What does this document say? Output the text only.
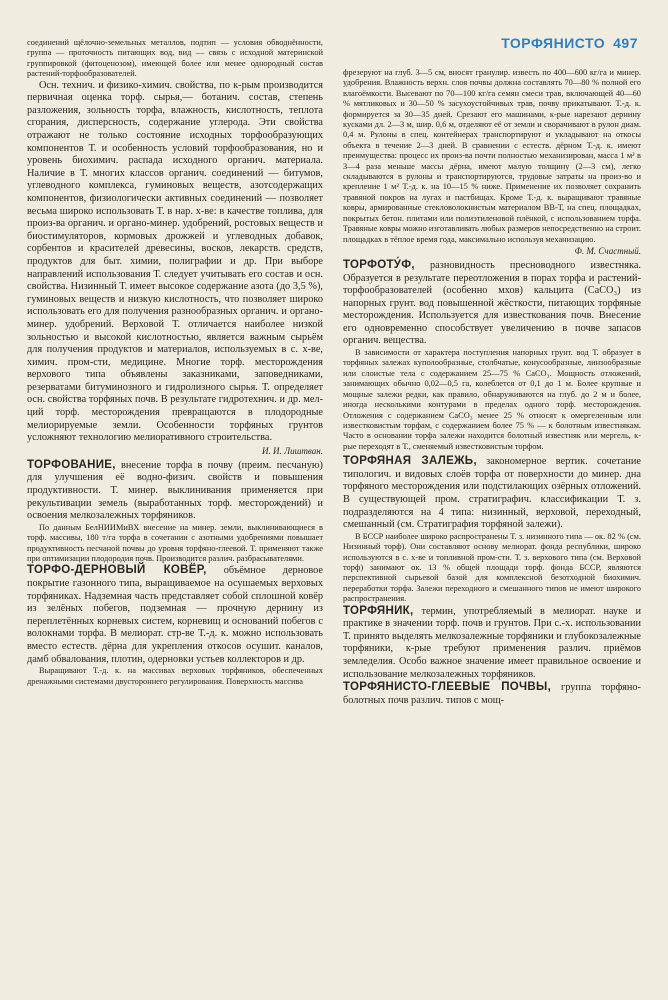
ТОРФЯНИСТО 497

соединений щёлочно-земельных металлов, подтип — условия обводнённости, группа — проточность питающих вод, вид — связь с исходной материнской группировкой (фитоценозом), имеющей более или менее однородный состав растений-торфообразователей.

Осн. технич. и физико-химич. свойства, по к-рым производится первичная оценка торф. сырья,— ботанич. состав, степень разложения, зольность торфа, влажность, кислотность, теплота сгорания, дисперсность, содержание углерода. Эти свойства отражают не только состояние исходных торфообразующих компонентов Т. и особенность условий торфообразования, но и уровень биохимич. распада исходного органич. материала. Наличие в Т. многих классов органич. соединений — битумов, углеводного комплекса, гуминовых веществ, азотсодержащих компонентов, физиологически активных соединений — позволяет весьма широко использовать Т. в нар. х-ве: в качестве топлива, для произ-ва органич. и органо-минер. удобрений, ростовых веществ и биостимуляторов, кормовых дрожжей и углеводных добавок, сорбентов и красителей древесины, восков, лекарств. средств, продуктов для быт. химии, полиграфии и др. При выборе направлений использования Т. следует учитывать его состав и осн. свойства. Низинный Т. имеет высокое содержание азота (до 3,5 %), гуминовых веществ и низкую кислотность, что позволяет широко использовать его для получения разнообразных органич. и органо-минер. удобрений. Верховой Т. отличается наиболее низкой зольностью и высокой кислотностью, является важным сырьём для получения продуктов и материалов, используемых в с. х-ве, химич. пром-сти, медицине. Многие торф. месторождения верхового типа объявлены заказниками, заповедниками, резерватами битуминозного и гидролизного сырья. Т. определяет осн. свойства торфяных почв. В результате гидротехнич. и др. мел-ций торф. месторождения превращаются в плодородные мелиорируемые земли. Особенности торфяных грунтов усложняют технологию мелиоративного строительства.

И. И. Лиштван.

ТОРФОВАНИЕ, внесение торфа в почву (преим. песчаную) для улучшения её водно-физич. свойств и повышения продуктивности. Т. минер. выклинивания применяется при рекультивации земель (выработанных торф. месторождений) и освоения мелкозалежных торфяников.

По данным БелНИИМиВХ внесение на минер. земли, выклинивающиеся в торф. массивы, 180 т/га торфа в сочетании с азотными удобрениями повышает продуктивность песчаной почвы до уровня торфяно-глеевой. Т. применяют также при оптимизации плодородия почв. Производится различ. разбрасывателями.

ТОРФО-ДЕРНОВЫЙ КОВЁР, объёмное дерновое покрытие газонного типа, выращиваемое на осушаемых верховых торфяниках. Надземная часть представляет собой сплошной ковёр из зелёных побегов, подземная — прочную дернину из переплетённых корневых систем, корневищ и оснований побегов с волокнами торфа. В мелиорат. стр-ве Т.-д. к. можно использовать вместо естеств. дёрна для укрепления откосов осушит. каналов, дамб обвалования, плотин, одерновки устьев коллекторов и др.

Выращивают Т.-д. к. на массивах верховых торфяников, обеспеченных дренажными системами двустороннего регулирования. Поверхность массива

фрезеруют на глуб. 3—5 см, вносят гранулир. известь по 400—600 кг/га и минер. удобрения. Влажность верхн. слоя почвы должна составлять 70—80 % полной его влагоёмкости. Высевают по 70—100 кг/га семян смеси трав, включающей 40—60 % мятликовых и 30—50 % засухоустойчивых трав, почву прикатывают. Т.-д. к. формируется за 30—35 дней. Срезают его машинами, к-рые нарезают дернину кусками дл. 2—3 м, шир. 0,6 м, отделяют её от земли и сворачивают в рулон диам. 0,4 м. Рулоны в спец. контейнерах транспортируют и укладывают на откосы объекта в течение 2—3 дней. В сравнении с естеств. дёрном Т.-д. к. имеют преимущества: процесс их произ-ва почти полностью механизирован, масса 1 м² в 3—4 раза меньше массы дёрна, имеют малую толщину (2—3 см), легко складываются в рулоны и транспортируются, трудовые затраты на произ-во и крепление 1 м² Т.-д. к. на 10—15 % ниже. Применение их позволяет сохранить травяной покров на лугах и пастбищах. Кроме Т.-д. к. выращивают травяные ковры, армированные стекловолокнистым материалом ВВ-Т, на спец. площадках, покрытых бетон. плитами или полиэтиленовой плёнкой, с использованием торфа. Травяные ковры можно изготавливать любых размеров непосредственно на строит. площадках в тёплое время года, максимально используя механизацию.

Ф. М. Счастный.

ТОРФОТУ́Ф, разновидность пресноводного известняка. Образуется в результате переотложения в порах торфа и растений-торфообразователей (особенно мхов) кальцита (CaCO₃) из напорных грунт. вод повышенной жёсткости, питающих торфяные месторождения. Используется для известкования почв. Внесение его одновременно способствует увеличению в почве запасов органич. вещества.

В зависимости от характера поступления напорных грунт. вод Т. образует в торфяных залежах куполообразные, столбчатые, конусообразные, линзообразные или слоистые тела с содержанием 25—75 % CaCO₃. Мощность отложений, занимающих обычно 0,02—0,5 га, колеблется от 0,1 до 1 м. Более крупные и мощные залежи редки, как правило, обнаруживаются на глуб. до 2 м и более, иногда несколькими контурами в пределах одного торф. месторождения. Отложения с содержанием CaCO₃ менее 25 % относят к омергеленным или известковистым торфам, с содержанием более 75 % — к болотным известнякам. Часто в основании торфа залежи находится болотный известняк или мергель, к-рые переходят в Т., сменяемый известковистым торфом.

ТОРФЯНАЯ ЗАЛЕЖЬ, закономерное вертик. сочетание типологич. и видовых слоёв торфа от поверхности до минер. дна торфяного месторождения или подстилающих озёрных отложений. В существующей пром. стратиграфич. классификации Т. з. подразделяются на 4 типа: низинный, верховой, переходный, смешанный (см. Стратиграфия торфяной залежи).

В БССР наиболее широко распространены Т. з. низинного типа — ок. 82 % (см. Низинный торф). Они составляют основу мелиорат. фонда республики, широко используются в с. х-ве и топливной пром-сти. Т. з. верхового типа (см. Верховой торф) занимают ок. 13 % общей площади торф. фонда БССР, являются перспективной сырьевой базой для комплексной безотходной биохимич. переработки торфа. Залежи переходного и смешанного типов не имеют широкого распространения.

ТОРФЯНИК, термин, употребляемый в мелиорат. науке и практике в значении торф. почв и грунтов. При с.-х. использовании Т. принято выделять мелкозалежные торфяники и глубокозалежные торфяники, к-рые требуют применения различ. приёмов земледелия. Особо важное значение имеет правильное освоение и использование мелкозалежных торфяников.

ТОРФЯНИСТО-ГЛЕЕВЫЕ ПОЧВЫ, группа торфяно-болотных почв различ. типов с мощ-
